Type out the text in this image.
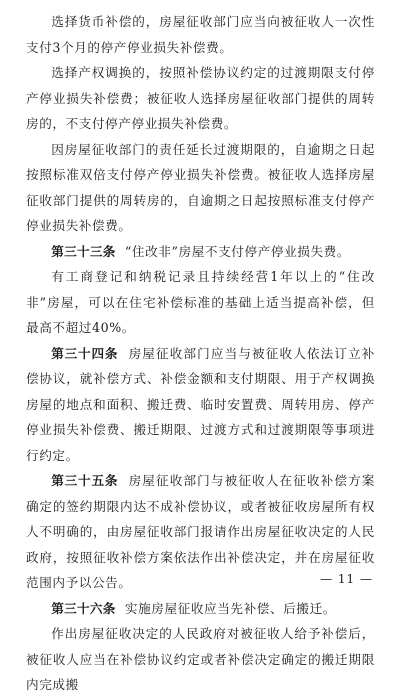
选择货币补偿的，房屋征收部门应当向被征收人一次性支付3个月的停产停业损失补偿费。

选择产权调换的，按照补偿协议约定的过渡期限支付停产停业损失补偿费；被征收人选择房屋征收部门提供的周转房的，不支付停产停业损失补偿费。

因房屋征收部门的责任延长过渡期限的，自逾期之日起按照标准双倍支付停产停业损失补偿费。被征收人选择房屋征收部门提供的周转房的，自逾期之日起按照标准支付停产停业损失补偿费。

第三十三条 “住改非”房屋不支付停产停业损失费。

有工商登记和纳税记录且持续经营1年以上的“住改非”房屋，可以在住宅补偿标准的基础上适当提高补偿，但最高不超过40%。

第三十四条 房屋征收部门应当与被征收人依法订立补偿协议，就补偿方式、补偿金额和支付期限、用于产权调换房屋的地点和面积、搬迁费、临时安置费、周转用房、停产停业损失补偿费、搬迁期限、过渡方式和过渡期限等事项进行约定。

第三十五条 房屋征收部门与被征收人在征收补偿方案确定的签约期限内达不成补偿协议，或者被征收房屋所有权人不明确的，由房屋征收部门报请作出房屋征收决定的人民政府，按照征收补偿方案依法作出补偿决定，并在房屋征收范围内予以公告。

第三十六条 实施房屋征收应当先补偿、后搬迁。

作出房屋征收决定的人民政府对被征收人给予补偿后，被征收人应当在补偿协议约定或者补偿决定确定的搬迁期限内完成搬

— 11 —
